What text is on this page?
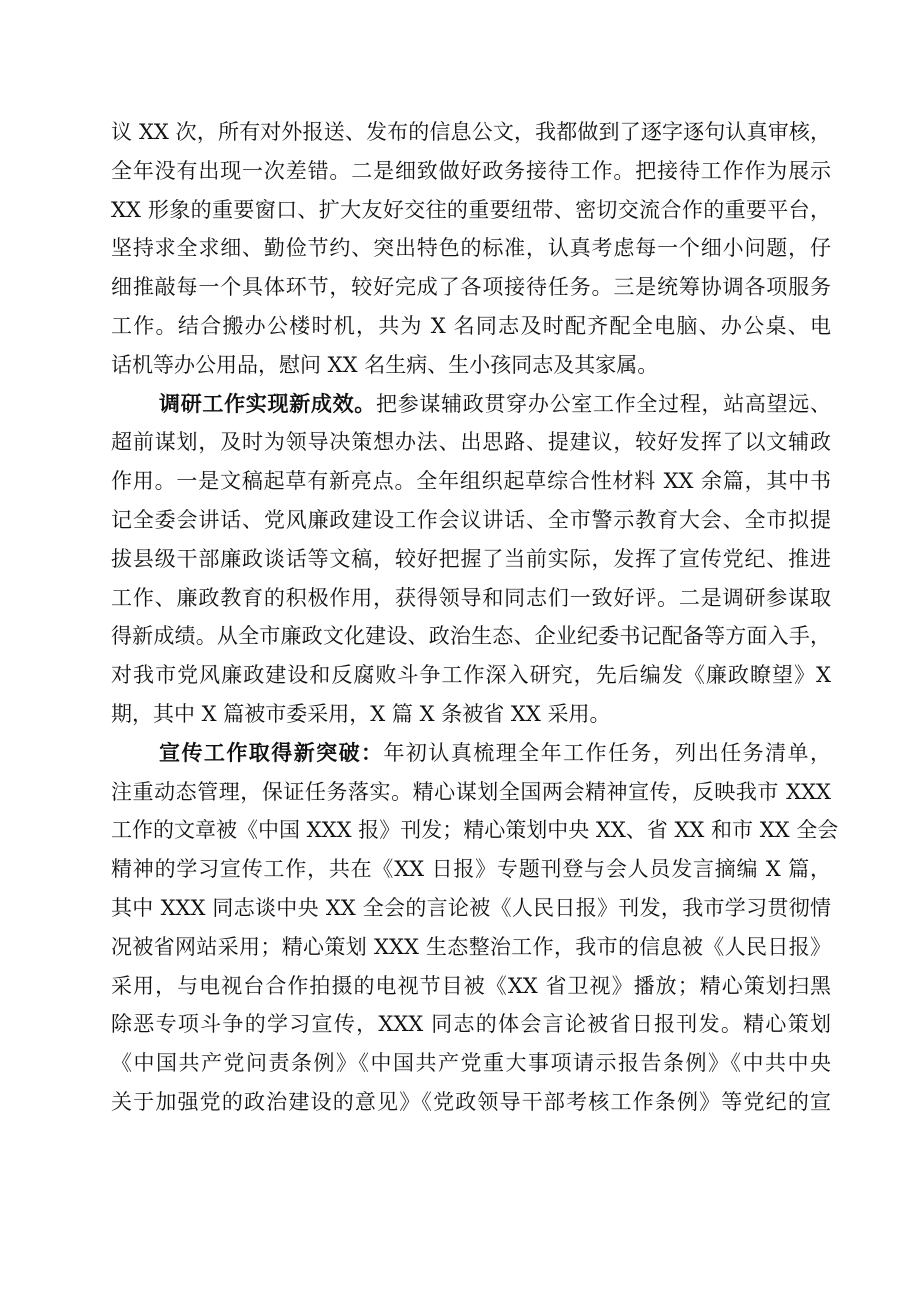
议 XX 次，所有对外报送、发布的信息公文，我都做到了逐字逐句认真审核，
全年没有出现一次差错。二是细致做好政务接待工作。把接待工作作为展示
XX 形象的重要窗口、扩大友好交往的重要纽带、密切交流合作的重要平台，
坚持求全求细、勤俭节约、突出特色的标准，认真考虑每一个细小问题，仔
细推敲每一个具体环节，较好完成了各项接待任务。三是统筹协调各项服务
工作。结合搬办公楼时机，共为 X 名同志及时配齐配全电脑、办公桌、电
话机等办公用品，慰问 XX 名生病、生小孩同志及其家属。
调研工作实现新成效。把参谋辅政贯穿办公室工作全过程，站高望远、
超前谋划，及时为领导决策想办法、出思路、提建议，较好发挥了以文辅政
作用。一是文稿起草有新亮点。全年组织起草综合性材料 XX 余篇，其中书
记全委会讲话、党风廉政建设工作会议讲话、全市警示教育大会、全市拟提
拔县级干部廉政谈话等文稿，较好把握了当前实际，发挥了宣传党纪、推进
工作、廉政教育的积极作用，获得领导和同志们一致好评。二是调研参谋取
得新成绩。从全市廉政文化建设、政治生态、企业纪委书记配备等方面入手，
对我市党风廉政建设和反腐败斗争工作深入研究，先后编发《廉政瞭望》X
期，其中 X 篇被市委采用，X 篇 X 条被省 XX 采用。
宣传工作取得新突破：年初认真梳理全年工作任务，列出任务清单，
注重动态管理，保证任务落实。精心谋划全国两会精神宣传，反映我市 XXX
工作的文章被《中国 XXX 报》刊发；精心策划中央 XX、省 XX 和市 XX 全会
精神的学习宣传工作，共在《XX 日报》专题刊登与会人员发言摘编 X 篇，
其中 XXX 同志谈中央 XX 全会的言论被《人民日报》刊发，我市学习贯彻情
况被省网站采用；精心策划 XXX 生态整治工作，我市的信息被《人民日报》
采用，与电视台合作拍摄的电视节目被《XX 省卫视》播放；精心策划扫黑
除恶专项斗争的学习宣传，XXX 同志的体会言论被省日报刊发。精心策划
《中国共产党问责条例》《中国共产党重大事项请示报告条例》《中共中央
关于加强党的政治建设的意见》《党政领导干部考核工作条例》等党纪的宣
